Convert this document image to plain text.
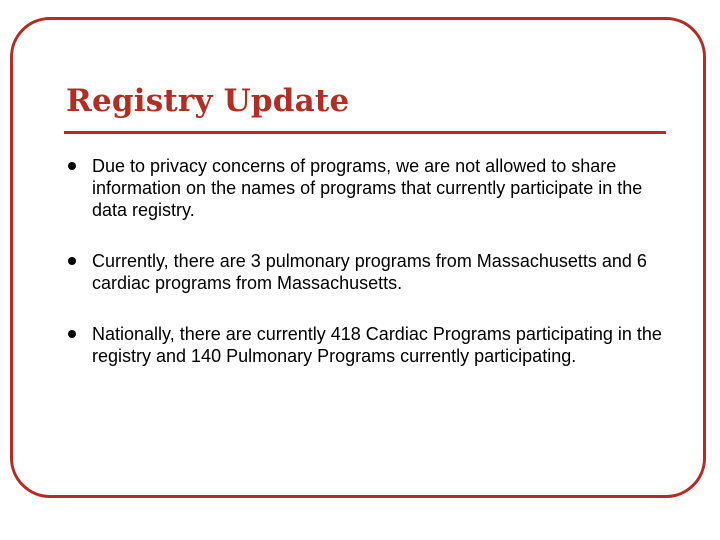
Registry Update
Due to privacy concerns of programs, we are not allowed to share information on the names of programs that currently participate in the data registry.
Currently, there are 3 pulmonary programs from Massachusetts and 6 cardiac programs from Massachusetts.
Nationally, there are currently 418 Cardiac Programs participating in the registry and 140 Pulmonary Programs currently participating.
